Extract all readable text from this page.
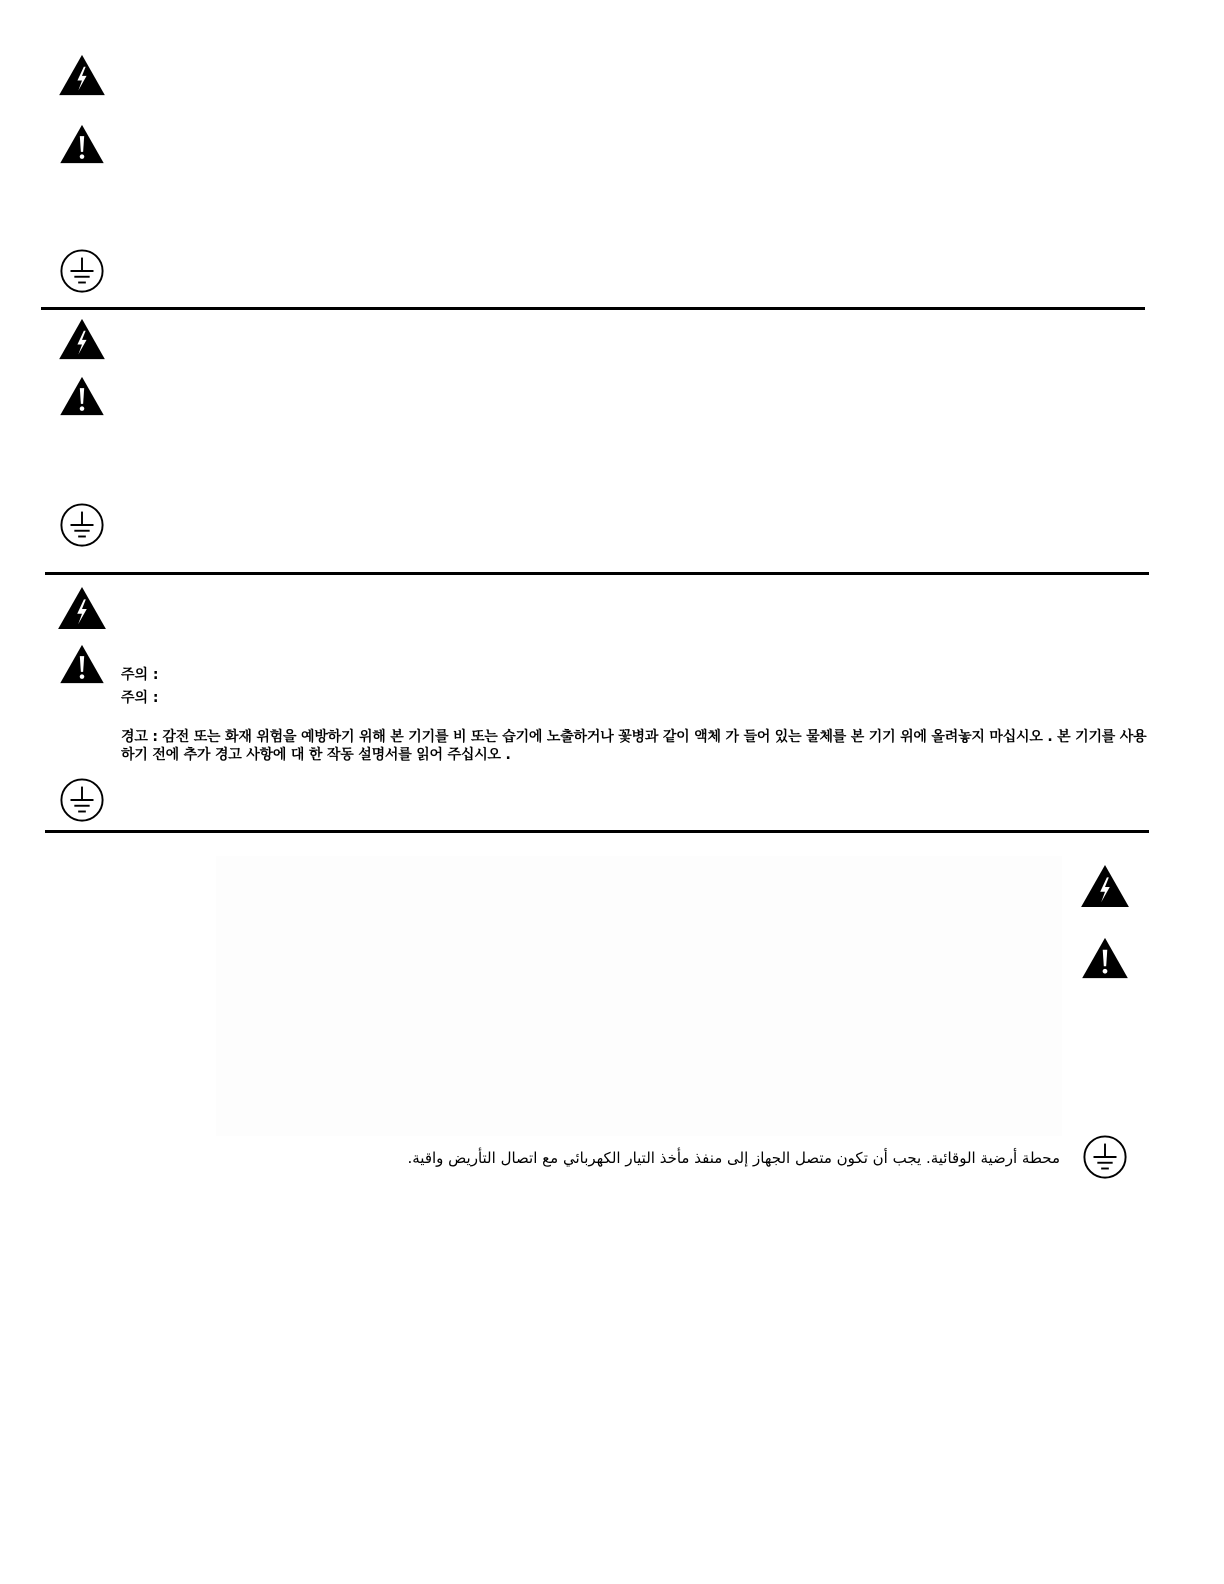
주의 :
주의 :
경고 : 감전 또는 화재 위험을 예방하기 위해 본 기기를 비 또는 습기에 노출하거나 꽃병과 같이 액체 가 들어 있는 물체를 본 기기 위에 올려놓지 마십시오 . 본 기기를 사용하기 전에 추가 경고 사항에 대 한 작동 설명서를 읽어 주십시오 .
محطة أرضية الوقائية. يجب أن تكون متصل الجهاز إلى منفذ مأخذ التيار الكهربائي مع اتصال التأريض واقية.
